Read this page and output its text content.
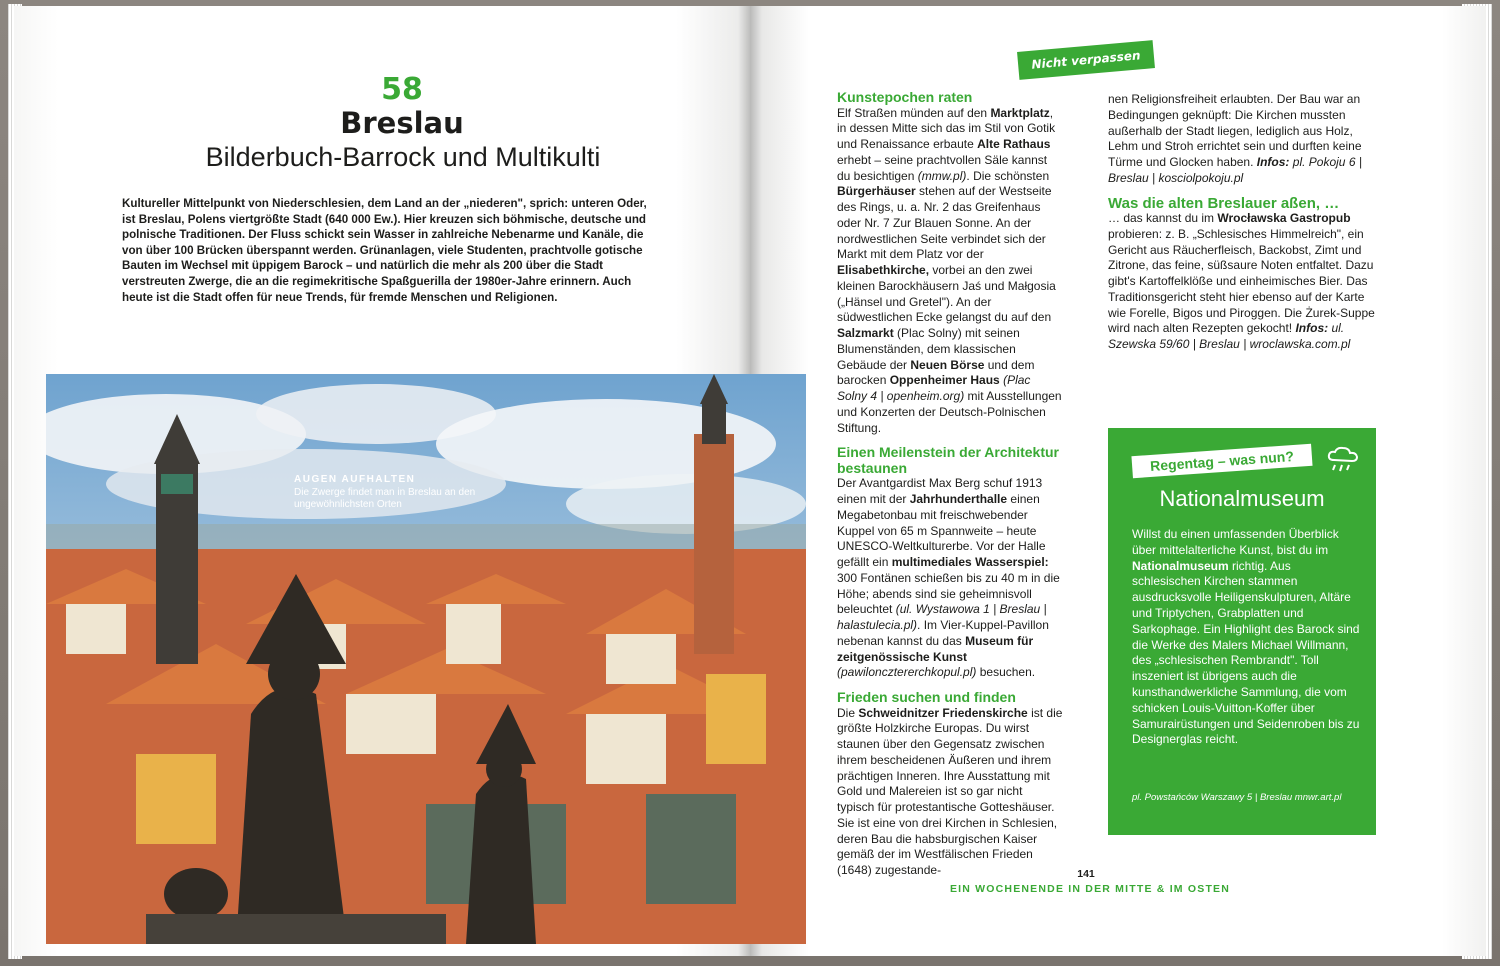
58
Breslau
Bilderbuch-Barrock und Multikulti
Kultureller Mittelpunkt von Niederschlesien, dem Land an der „niederen", sprich: unteren Oder, ist Breslau, Polens viertgrößte Stadt (640 000 Ew.). Hier kreuzen sich böhmische, deutsche und polnische Traditionen. Der Fluss schickt sein Wasser in zahlreiche Nebenarme und Kanäle, die von über 100 Brücken überspannt werden. Grünanlagen, viele Studenten, prachtvolle gotische Bauten im Wechsel mit üppigem Barock – und natürlich die mehr als 200 über die Stadt verstreuten Zwerge, die an die regimekritische Spaßguerilla der 1980er-Jahre erinnern. Auch heute ist die Stadt offen für neue Trends, für fremde Menschen und Religionen.
AUGEN AUFHALTEN
Die Zwerge findet man in Breslau an den ungewöhnlichsten Orten
Nicht verpassen
Kunstepochen raten

Elf Straßen münden auf den Marktplatz, in dessen Mitte sich das im Stil von Gotik und Renaissance erbaute Alte Rathaus erhebt – seine prachtvollen Säle kannst du besichtigen (mmw.pl). Die schönsten Bürgerhäuser stehen auf der Westseite des Rings, u. a. Nr. 2 das Greifenhaus oder Nr. 7 Zur Blauen Sonne. An der nordwestlichen Seite verbindet sich der Markt mit dem Platz vor der Elisabethkirche, vorbei an den zwei kleinen Barockhäusern Jaś und Małgosia („Hänsel und Gretel"). An der südwestlichen Ecke gelangst du auf den Salzmarkt (Plac Solny) mit seinen Blumenständen, dem klassischen Gebäude der Neuen Börse und dem barocken Oppenheimer Haus (Plac Solny 4 | openheim.org) mit Ausstellungen und Konzerten der Deutsch-Polnischen Stiftung.

Einen Meilenstein der Architektur bestaunen

Der Avantgardist Max Berg schuf 1913 einen mit der Jahrhunderthalle einen Megabetonbau mit freischwebender Kuppel von 65 m Spannweite – heute UNESCO-Weltkulturerbe. Vor der Halle gefällt ein multimediales Wasserspiel: 300 Fontänen schießen bis zu 40 m in die Höhe; abends sind sie geheimnisvoll beleuchtet (ul. Wystawowa 1 | Breslau | halastulecia.pl). Im Vier-Kuppel-Pavillon nebenan kannst du das Museum für zeitgenössische Kunst (pawiloncztererchkopul.pl) besuchen.

Frieden suchen und finden

Die Schweidnitzer Friedenskirche ist die größte Holzkirche Europas. Du wirst staunen über den Gegensatz zwischen ihrem bescheidenen Äußeren und ihrem prächtigen Inneren. Ihre Ausstattung mit Gold und Malereien ist so gar nicht typisch für protestantische Gotteshäuser. Sie ist eine von drei Kirchen in Schlesien, deren Bau die habsburgischen Kaiser gemäß der im Westfälischen Frieden (1648) zugestande-

nen Religionsfreiheit erlaubten. Der Bau war an Bedingungen geknüpft: Die Kirchen mussten außerhalb der Stadt liegen, lediglich aus Holz, Lehm und Stroh errichtet sein und durften keine Türme und Glocken haben. Infos: pl. Pokoju 6 | Breslau | kosciolpokoju.pl

Was die alten Breslauer aßen, …

… das kannst du im Wrocławska Gastropub probieren: z. B. „Schlesisches Himmelreich", ein Gericht aus Räucherfleisch, Backobst, Zimt und Zitrone, das feine, süßsaure Noten entfaltet. Dazu gibt's Kartoffelklöße und einheimisches Bier. Das Traditionsgericht steht hier ebenso auf der Karte wie Forelle, Bigos und Piroggen. Die Żurek-Suppe wird nach alten Rezepten gekocht! Infos: ul. Szewska 59/60 | Breslau | wroclawska.com.pl

Regentag – was nun?
Nationalmuseum
Willst du einen umfassenden Überblick über mittelalterliche Kunst, bist du im Nationalmuseum richtig. Aus schlesischen Kirchen stammen ausdrucksvolle Heiligenskulpturen, Altäre und Triptychen, Grabplatten und Sarkophage. Ein Highlight des Barock sind die Werke des Malers Michael Willmann, des „schlesischen Rembrandt". Toll inszeniert ist übrigens auch die kunsthandwerkliche Sammlung, die vom schicken Louis-Vuitton-Koffer über Samurairüstungen und Seidenroben bis zu Designerglas reicht.
pl. Powstańców Warszawy 5 | Breslau mnwr.art.pl
141
EIN WOCHENENDE IN DER MITTE & IM OSTEN
